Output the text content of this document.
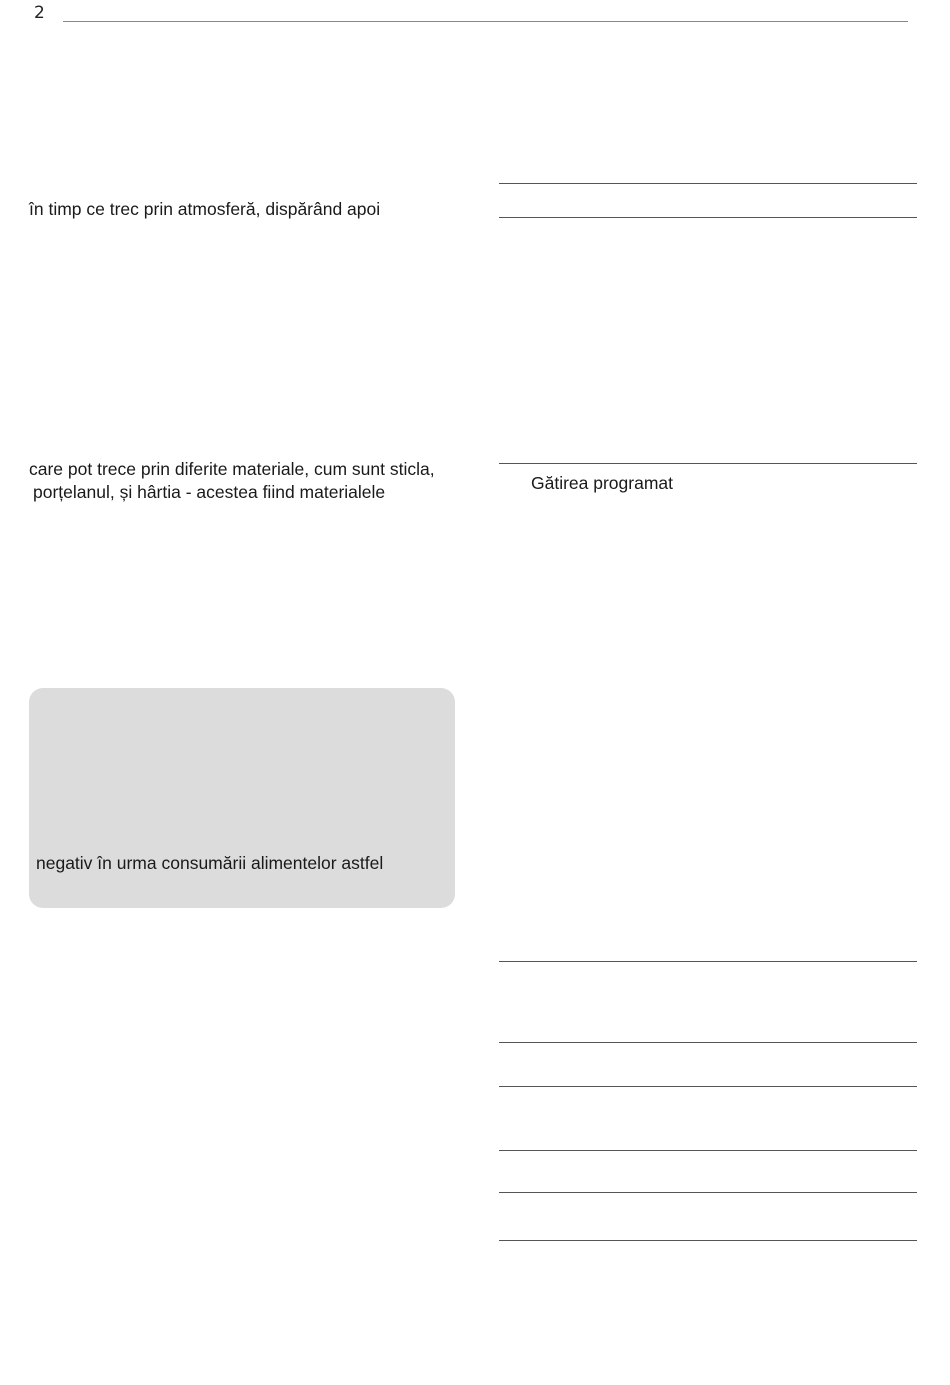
2
în timp ce trec prin atmosferă, dispărând apoi
care pot trece prin diferite materiale, cum sunt sticla,
porțelanul, și hârtia - acestea fiind materialele
negativ în urma consumării alimentelor astfel
Gătirea programat
